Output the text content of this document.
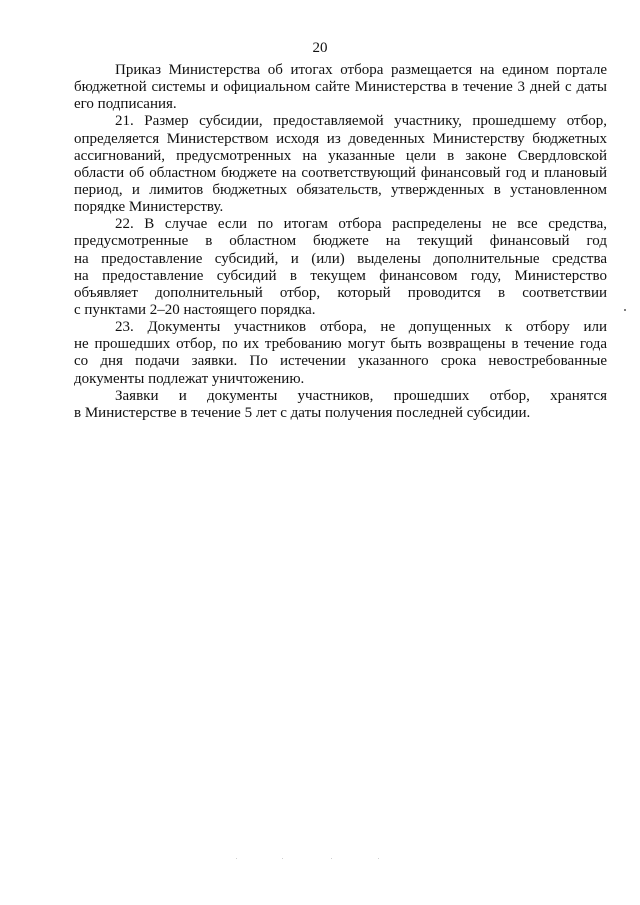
20
Приказ Министерства об итогах отбора размещается на едином портале
бюджетной системы и официальном сайте Министерства в течение 3 дней с даты
его подписания.
21. Размер субсидии, предоставляемой участнику, прошедшему отбор,
определяется Министерством исходя из доведенных Министерству бюджетных
ассигнований, предусмотренных на указанные цели в законе Свердловской
области об областном бюджете на соответствующий финансовый год и плановый
период, и лимитов бюджетных обязательств, утвержденных в установленном
порядке Министерству.
22. В случае если по итогам отбора распределены не все средства,
предусмотренные в областном бюджете на текущий финансовый год
на предоставление субсидий, и (или) выделены дополнительные средства
на предоставление субсидий в текущем финансовом году, Министерство
объявляет дополнительный отбор, который проводится в соответствии
с пунктами 2–20 настоящего порядка.
23. Документы участников отбора, не допущенных к отбору или
не прошедших отбор, по их требованию могут быть возвращены в течение года
со дня подачи заявки. По истечении указанного срока невостребованные
документы подлежат уничтожению.
Заявки и документы участников, прошедших отбор, хранятся
в Министерстве в течение 5 лет с даты получения последней субсидии.
